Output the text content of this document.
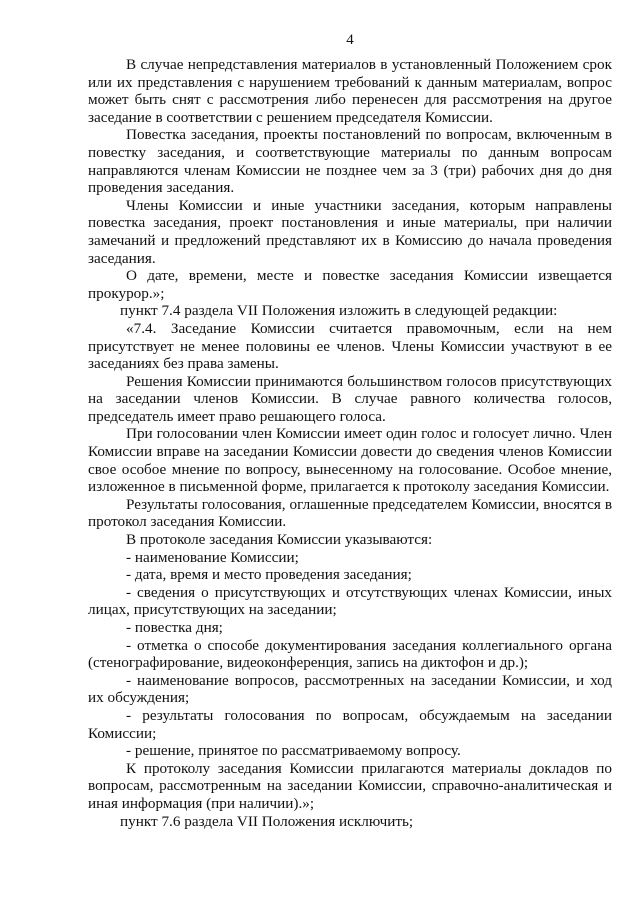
4

В случае непредставления материалов в установленный Положением срок или их представления с нарушением требований к данным материалам, вопрос может быть снят с рассмотрения либо перенесен для рассмотрения на другое заседание в соответствии с решением председателя Комиссии.

Повестка заседания, проекты постановлений по вопросам, включенным в повестку заседания, и соответствующие материалы по данным вопросам направляются членам Комиссии не позднее чем за 3 (три) рабочих дня до дня проведения заседания.

Члены Комиссии и иные участники заседания, которым направлены повестка заседания, проект постановления и иные материалы, при наличии замечаний и предложений представляют их в Комиссию до начала проведения заседания.

О дате, времени, месте и повестке заседания Комиссии извещается прокурор.»;

пункт 7.4 раздела VII Положения изложить в следующей редакции:

«7.4. Заседание Комиссии считается правомочным, если на нем присутствует не менее половины ее членов. Члены Комиссии участвуют в ее заседаниях без права замены.

Решения Комиссии принимаются большинством голосов присутствующих на заседании членов Комиссии. В случае равного количества голосов, председатель имеет право решающего голоса.

При голосовании член Комиссии имеет один голос и голосует лично. Член Комиссии вправе на заседании Комиссии довести до сведения членов Комиссии свое особое мнение по вопросу, вынесенному на голосование. Особое мнение, изложенное в письменной форме, прилагается к протоколу заседания Комиссии.

Результаты голосования, оглашенные председателем Комиссии, вносятся в протокол заседания Комиссии.

В протоколе заседания Комиссии указываются:

- наименование Комиссии;

- дата, время и место проведения заседания;

- сведения о присутствующих и отсутствующих членах Комиссии, иных лицах, присутствующих на заседании;

- повестка дня;

- отметка о способе документирования заседания коллегиального органа (стенографирование, видеоконференция, запись на диктофон и др.);

- наименование вопросов, рассмотренных на заседании Комиссии, и ход их обсуждения;

- результаты голосования по вопросам, обсуждаемым на заседании Комиссии;

- решение, принятое по рассматриваемому вопросу.

К протоколу заседания Комиссии прилагаются материалы докладов по вопросам, рассмотренным на заседании Комиссии, справочно-аналитическая и иная информация (при наличии).»;

пункт 7.6 раздела VII Положения исключить;
